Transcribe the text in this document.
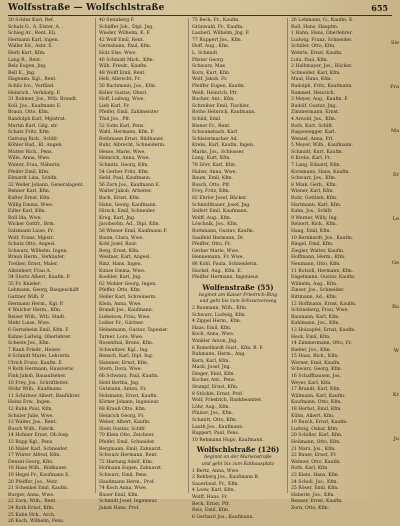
Wolfsstraße — Wolfschlstraße	655
30 Schlez Karl, Ref.
Schulz G., A. Elster, A. .
Schieg Ar., Rent. Eli.
Hermann Karl, Ingen.
Waller Ed., Asbr. E.
Herb Kurt, Kfm.
Lang R., Rent.
Belz Eugen, Jng.
Bell E., Jng.
Hagenkn. Kgl., Rent.
Schilz Ivo., Verfänd.
Heinrich., Verkäufg. F.
31 Rohmer, Jos., Wtb. Brandt.
Koll. Jos., Kaufmann E.
Braun, Otto, Kfm.
Randolph Karl, Mgistrat.
Martin Karl, Gilg. str.
Schatz Fritz, Kfm.
Gattung Rich., Schlfr.
Köhler Rud., Kl. Angeb.
Mutter Rich., Pens.
Wille, Anna, Wwe.
Winter, Frau, Näherin.
Pfeifer Emil, Kfm.
Ebnardt Lina, Schlfn.
32 Weller Johann, Generalagent.
Renner Karl, Kfm.
Kufter Ernst, Kfm.
Willig Emma, Wwe.
Eifler Karl, Kfm.
Roll Ida, Wwe.
Wicker Gottfr., Brm.
Salzmann Luise, Fr.
Wolf, Franz, Mgistr.
Schutz Otto, Angesl.
Schwarz, Wilhelm, Ingen.
Braun Herm., Verkäufer.
Treiber, Ernst, Maler.
Alleinherr, Frau A.
34 Stortz Albert, Kaufm. P.
35 Fr. Knieler.
Lehmann, Georg, Baugeschäft
Gattner Wilh. P.
Hermann Herm., Kgl. P.
4 Walcher Herm., Kfm.
Reiser Wilh., Wtb. Stadt.
Mehr Luise, Wwe.
6 Gernsheim Emil, Kfm. F.
Kahne Ludwig, Oberlehrer.
Scheele Jos., Kfm.
7 Rauh Friedr., Heizer.
8 Schmitt Marie, Lehrerin.
Ulrich Franz, Kaufm. E.
9 Roth Hermann, Hausverw.
Fink Jakob, Bauaufseher.
10 Frey, Jos., Schriftleiter.
Stöhr Wilh., Kaufmann.
11 Schirmer Albert, Bauführer.
Heinz Erw., Ingen.
12 Kuhn Paul, Kfm.
Schuler Julie, Wwe.
13 Walter, Jos., Rent.
Busch Wilh., Fabrik.
14 Hohner Ernst, Ob.Insp.
15 Rupp Kgl., Pens.
16 Maler Karl, Schneider.
17 Winter Alfred, Kfm.
Denzel Georg, Kfm.
18 Haas Wilh., Bildhauer.
19 Hegel Fr., Kaufmann E.
20 Pfeiffer, Jos., Mstr.
21 Schenkel Emil, Kaufm.
Burger, Anna, Wwe.
22 Zorn, Wilh., Rent.
24 Roth Ernst, Kfm.
25 Kuhn Hch., Arch.
26 Koch, Wilhelm, Pens.
40 Steinberg F.
Schäffer Joh., Dipl. Jng.
Wieder, Wilhelm, K. F.
42 Wolf Emil, Rent.
Gernsheim, Paul, Kfm.
Holz Else, Wwe.
46 Schmidt Mich., Kfm.
Wilh. Friedr., Kaufm.
48 Wolff Emil, Rent.
Hell, Albrecht, Fr.
50 Bachmann, Jos., Kfm.
Keller Gustav, Oberl.
Hoff, Ludwig, Wwe.
Lieb Karl, Fr.
Pfeifer, Emil, Zahlmeister
Thul Jos., Pfr.
52 Sohn Karl, Pens.
Wahl, Hermann, Kfm. F.
Rothmann Ernst, Bildhauer.
Ruhr, Albrecht, Schneiderm.
Hesse, Marie, Wwe.
Heinrich, Anna, Wwe.
Schmitz, Georg, Kfm.
54 Gerber Fritz, Kfm.
Held, Paul, Kaufmann.
56 Zorn Jos., Kaufmann E.
Walter Jakob, Arbeiter.
Bach, Ernst, Kfm.
Hahn, Georg, Kaufmann.
Hirsch, Emil, Schneider.
Krug, Karl, Jng.
Jacobsohn, Ad., Dipl. Kfm.
58 Wiener Emil, Kaufmann F.
Baum, Clara, Wwe.
Kohl Josef, Baur.
Berg, Ernst, Kfm.
Weidner, Karl, Angesl.
Rinz, Hans, Ingen.
Kunze Emma, Wwe.
Koehler, Karl, Jng.
62 Mohler Georg, Ingen.
Pfeffer, Otto, Kfm.
Heller Karl, Schreinerm.
Klein, Anna, Wwe.
Brandt Jos., Kaufmann.
Liebenow, Frau, Wwe.
Leiber Fr., Gärtner.
Heinemann, Gustav, Tapezier.
Tarner, Lore, Wwe.
Rosenthal, Bruno, Kfm.
Schweitzer, Kgl., Ing.
Bensch, Karl, Dipl. Ing.
Hammer, Ernst, Kfm.
Stern, Dora, Wwe.
66 Schwarz, Paul, Kaufm.
Held Bertha, Jng.
Gutmann, Anton, Fr.
Holzmann, Ernst, Kaufm.
Körner Johann, Ingenieur.
68 Krauß Otto, Kfm.
Heinrich Georg, Fr.
Weber, Albert, Kaufm.
Stein Gustav, Schlfr.
70 Klein Otto, Zeichner.
Pfeifer, Emil, Schneider.
Bergmann, Emil, Zahnarzt.
Schwarz Hermann, Rent.
72 Hartung Adolf, Kfm.
Hofmann Eugen, Zahnarzt.
Schwarz, Emil, Pens.
Haußmann Herm., Prof.
74 Koch Anna, Wwe.
Bauer Emil, Kfm.
Schmidt Josef, Ingenieur.
Jakob Hans, Prof.
75 Beck, Fr., Kaufm.
Grünwald, Fr., Kaufm.
Lauberl, Wilhelm, Jng. F.
77 Ruppert Jos., Kfm.
Hoff. Aug., Kfm.
L. Schmidt
Pfister Georg
Schwarz, Max
Korn, Kurt, Kfm.
Wolf, Jakob, Fr.
Pfeiffer Eugen, Kaufm.
Weiß, Heinrich, Pfr.
Bucher, Ant., Kfm.
Schreiber Emil, Tischler.
Rothe Heinrich, Kaufmann.
Schild, Emil
Biener Fr., Rent.
Schwanebach, Karl
Schleiermacher Ad.
Krebs, Karl, Kaufm. Ingen.
Marks, Jos., Schlosser.
Lang, Kurt, Kfm.
78 Dörr, Karl, Kfm.
Huber, Anna, Wwe.
Baum, Emil, Kfm.
Busch, Otto, Pfr.
Frey, Fritz, Kfm.
82 Ehrler Josef, Bäcker.
Schmidtbauer, Josef, Jng.
Seifert Emil, Kaufmann.
Wolff, Aug., Kfm.
Löschnik, Jos., Kfm.
Rothmann, Gustav, Kaufm.
Saalfeld Hermann, Dr.
Pfeiffer, Otto, Fr.
Gerber Marie, Wwe.
Hennemann, Fr. Wwe.
86 Kohl, Paula, Schneiderin.
Hackel, Aug., Kfm. E.
Pfeiffer Hermann, Ingenieur.
Wolfenstraße (55)
beginnt am Kaiser Friedrich-Ring
und geht bis zum Schwarzenweg
2 Baumann, Wilh., Kfm.
Schwarz, Ludwig, Kfm.
4 Zippel Herm., Kfm.
Haas, Emil, Kfm.
Koch, Anna, Wwe.
Winkler Anton, Jng.
6 Rumelhardt Gust., Kfm. B. F.
Ruhmann, Herm., Ang.
Kern, Karl, Kfm.
Mack, Josef, Jng.
Dinger, Emil, Kfm.
Kocher, Ant., Pens.
Stumpf, Ernst, Kfm.
8 Stöckle, Ernst, Prof.
Wolf, Friedrich, Bankbeamter.
Löhr, Aug., Kfm.
Pfalzer, Jos., Kfm.
Schmitt, Otto, Kfm.
Lauth Jos., Kaufmann.
Ruppert, Paul, Pens.
10 Rebmann Hugo, Kaufmann.
Wolfschlstraße (126)
beginnt an der Marienstraße
und geht bis zum Rathausplatz
1 Bertz, Anna, Wwe.
2 Rehberg Jos., Kaufmann B.
Sauerland, Fr., Kfm.
4 Loew, Karl, Kfm.
Wolff, Hans, Fr.
Beck, Ernst, Pfr.
Reis, Emil, Kfm.
6 Gerhard Jos., Kaufmann.
26 Lehmann, G., Kaufm. E.
Roll, Hans, Hauptm.
1 Hahn, Hans, Oberlehrer.
Ludwig, Franz, Schneider.
Schiller, Otto, Kfm.
Wehrle, Ernst, Kaufm.
Lutz, Paul, Kfm.
2 Halbmayer, Jos., Bäcker.
Schneider, Karl, Kfm.
Maul, Hans, Kfm.
Rudolph, Fritz, Kaufmann.
Rummel, Heinrich.
3 Meyer, Aug., Kaufm. F.
Rudolf, Gustav, Jng.
Zimmermann, Ernst.
4 Arnold, Jos., Kfm.
Roth, Kurt, Schlfr.
Rappenegger, Karl.
Wenzel, Anna, Frl.
5 Meyer, Wilh., Kaufmann.
Schmidt, Kurt, Kaufm.
6 Krebs, Karl, Fr.
7 Lang, Eduard, Kfm.
Kornmann, Hans, Kaufm.
Schwarz, Jos., Kfm.
8 Mink, Gerh., Kfm.
Wiener, Karl, Kfm.
Rohr, Gottlieb, Kfm.
Hartmann, Karl, Kfm.
Kuhn, Jos., Schlfr.
9 Werner, Willy, Ing.
Reinert, Rich., Kfm.
Haag, Emil, Kfm.
10 Bernhardt, Jos., Kaufm.
Ringel, Emil, Kfm.
Ziegler, Walter, Kaufm.
Hoffmann, Herm., Kfm.
Neumann, Otto, Kfm.
11 Rotzoll, Hermann, Kfm.
Engelmann, Gustav, Kaufm.
Wilhelm, Aug., Kfm.
Zinser, Jos., Schneider.
Rittmann, Ad., Kfm.
12 Hoffmann, Ernst, Kaufm.
Schöneberg, Frau, Wwe.
Baumann, Karl, Kfm.
Kuhlmann, Jos., Kfm.
13 Holzapfel, Ernst, Kaufm.
Heck, Emil, Kfm.
14 Zimmermann, Otto, Fr.
Bieber, Jos., Kfm.
15 Haas, Rich., Kfm.
Werner, Emil, Kaufm.
Schwarz, Georg, Kfm.
16 Schaffhausen, Jos.
Weyer, Karl, Kfm.
17 Brandt, Karl, Kfm.
Willmann, Karl, Kaufm.
Kaufmann, Otto, Kfm.
18 Herbst, Emil, Kfm.
Kühn, Albert, Kfm.
19 Busch, Ernst, Kaufm.
Ludwig, Oskar, Kfm.
20 Schiller, Karl, Kfm.
Heilmann, Otto, Kfm.
21 Marx, Jos., Kfm.
22 Bauer, Ernst, Fr.
Wehner, Otto, Kaufm.
Roth, Karl, Kfm.
23 Klein, Hans, Kfm.
24 Scholl, Jos., Kfm.
25 Röser, Emil, Kfm.
Haberle, Jos., Kfm.
Renner, Ernst, Kaufm.
Zorn, Otto, Kfm.
Sie
Fra
Ma
Er
Le
Ge
Bu
W
Kr
Ju
